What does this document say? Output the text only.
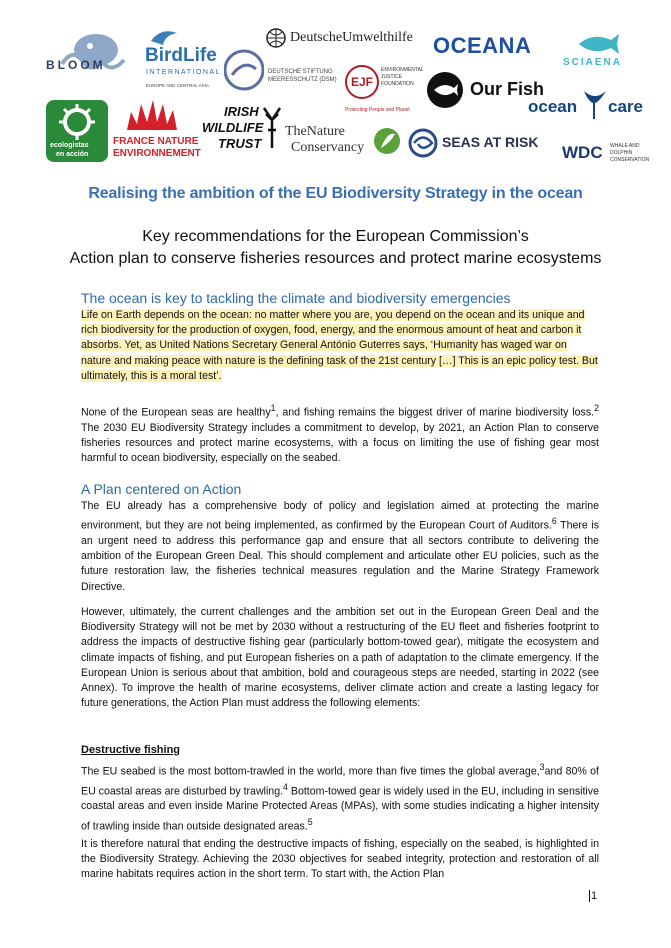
BLOOM BirdLife
INTERNATIONAL
EUROPE AND CENTRAL ASIA
DeutscheUmwelthilfe OCEANA
SCIAENA
DEUTSCHE STIFTUNG
MEERESSCHUTZ (DSM) EJF
ENVIRONMENTAL
JUSTICE
FOUNDATION
Protecting People and Planet
Our Fish
ocean care
ecologistas
en acción
FRANCE NATURE
ENVIRONNEMENT
IRISH
WILDLIFE
TRUST
TheNature
Conservancy	SEAS AT RISK
WDC WHALE AND
DOLPHIN
CONSERVATION
Realising the ambition of the EU Biodiversity Strategy in the ocean
Key recommendations for the European Commission’s
Action plan to conserve fisheries resources and protect marine ecosystems
The ocean is key to tackling the climate and biodiversity emergencies

Life on Earth depends on the ocean: no matter where you are, you depend on the ocean and its unique and rich biodiversity for the production of oxygen, food, energy, and the enormous amount of heat and carbon it absorbs. Yet, as United Nations Secretary General António Guterres says, ‘Humanity has waged war on nature and making peace with nature is the defining task of the 21st century […] This is an epic policy test. But ultimately, this is a moral test’.

None of the European seas are healthy$^1$, and fishing remains the biggest driver of marine biodiversity loss.$^2$ The 2030 EU Biodiversity Strategy includes a commitment to develop, by 2021, an Action Plan to conserve fisheries resources and protect marine ecosystems, with a focus on limiting the use of fishing gear most harmful to ocean biodiversity, especially on the seabed.

A Plan centered on Action

The EU already has a comprehensive body of policy and legislation aimed at protecting the marine environment, but they are not being implemented, as confirmed by the European Court of Auditors.$^6$ There is an urgent need to address this performance gap and ensure that all sectors contribute to delivering the ambition of the European Green Deal. This should complement and articulate other EU policies, such as the future restoration law, the fisheries technical measures regulation and the Marine Strategy Framework Directive.

However, ultimately, the current challenges and the ambition set out in the European Green Deal and the Biodiversity Strategy will not be met by 2030 without a restructuring of the EU fleet and fisheries footprint to address the impacts of destructive fishing gear (particularly bottom-towed gear), mitigate the ecosystem and climate impacts of fishing, and put European fisheries on a path of adaptation to the climate emergency. If the European Union is serious about that ambition, bold and courageous steps are needed, starting in 2022 (see Annex). To improve the health of marine ecosystems, deliver climate action and create a lasting legacy for future generations, the Action Plan must address the following elements:

Destructive fishing

The EU seabed is the most bottom-trawled in the world, more than five times the global average,$^3$and 80% of EU coastal areas are disturbed by trawling.$^4$ Bottom-towed gear is widely used in the EU, including in sensitive coastal areas and even inside Marine Protected Areas (MPAs), with some studies indicating a higher intensity of trawling inside than outside designated areas.$^5$

It is therefore natural that ending the destructive impacts of fishing, especially on the seabed, is highlighted in the Biodiversity Strategy. Achieving the 2030 objectives for seabed integrity, protection and restoration of all marine habitats requires action in the short term. To start with, the Action Plan

1
